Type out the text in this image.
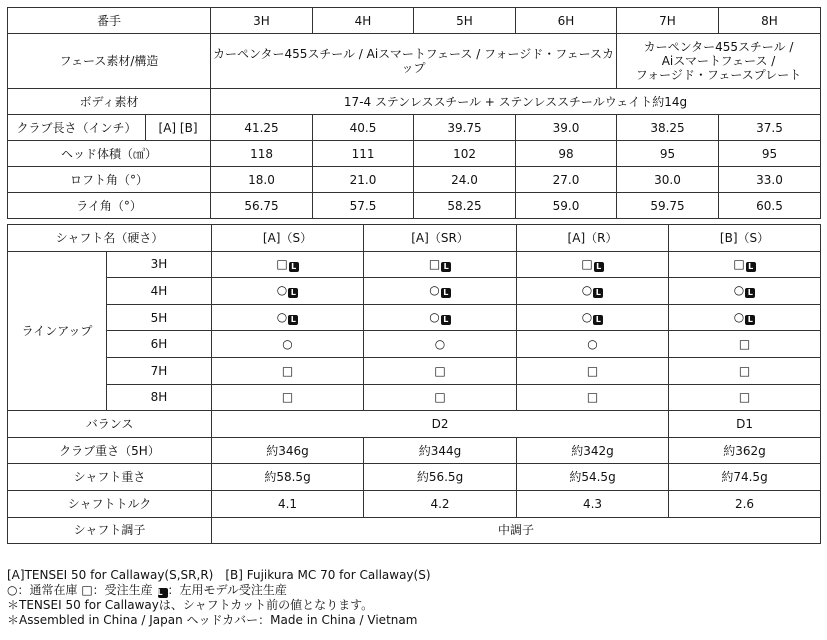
番手		3H	4H	5H	6H	7H	8H
フェース素材/構造		カーペンター455スチール / Aiスマートフェース / フォージド・フェースカップ				カーペンター455スチール /
Aiスマートフェース /
フォージド・フェースプレート	

ボディ素材		17-4 ステンレススチール + ステンレススチールウェイト約14g					
クラブ長さ（インチ）	[A] [B]	41.25	40.5	39.75	39.0	38.25	37.5
ヘッド体積（㎤）		118	111	102	98	95	95
ロフト角（°）		18.0	21.0	24.0	27.0	30.0	33.0
ライ角（°）		56.75	57.5	58.25	59.0	59.75	60.5
シャフト名（硬さ）		[A]（S）	[A]（SR）	[A]（R）	[B]（S）
ラインアップ	3H	□ L	□ L	□ L	□ L
	4H	○ L	○ L	○ L	○ L
	5H	○ L	○ L	○ L	○ L
	6H	○	○	○	□
	7H	□	□	□	□
	8H	□	□	□	□
バランス		D2			D1
クラブ重さ（5H）		約346g	約344g	約342g	約362g
シャフト重さ		約58.5g	約56.5g	約54.5g	約74.5g
シャフトトルク		4.1	4.2	4.3	2.6
シャフト調子		中調子			
[A]TENSEI 50 for Callaway(S,SR,R)　[B] Fujikura MC 70 for Callaway(S)
○：通常在庫 □：受注生産 L ：左用モデル受注生産
＊TENSEI 50 for Callawayは、シャフトカット前の値となります。
＊Assembled in China / Japan ヘッドカバー：Made in China / Vietnam
